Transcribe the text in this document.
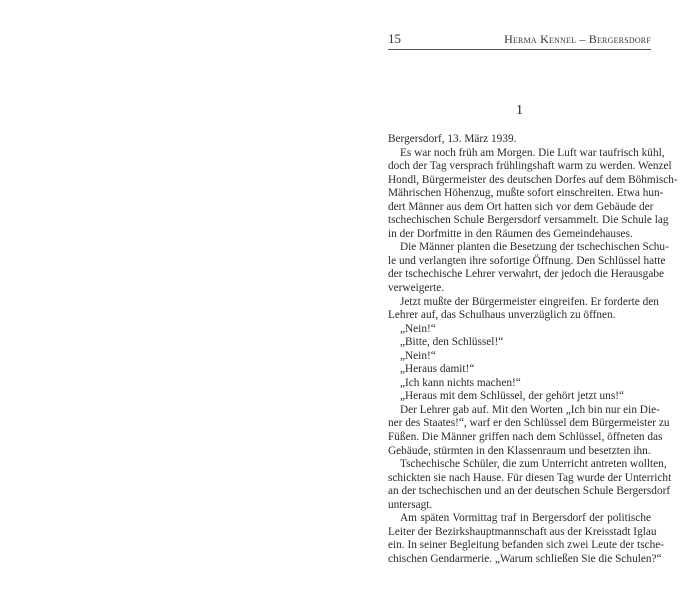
15	Herma Kennel – Bergersdorf
1
Bergersdorf, 13. März 1939.
Es war noch früh am Morgen. Die Luft war taufrisch kühl,
doch der Tag versprach frühlingshaft warm zu werden. Wenzel
Hondl, Bürgermeister des deutschen Dorfes auf dem Böhmisch-
Mährischen Höhenzug, mußte sofort einschreiten. Etwa hun-
dert Männer aus dem Ort hatten sich vor dem Gebäude der
tschechischen Schule Bergersdorf versammelt. Die Schule lag
in der Dorfmitte in den Räumen des Gemeindehauses.
Die Männer planten die Besetzung der tschechischen Schu-
le und verlangten ihre sofortige Öffnung. Den Schlüssel hatte
der tschechische Lehrer verwahrt, der jedoch die Herausgabe
verweigerte.
Jetzt mußte der Bürgermeister eingreifen. Er forderte den
Lehrer auf, das Schulhaus unverzüglich zu öffnen.
„Nein!“
„Bitte, den Schlüssel!“
„Nein!“
„Heraus damit!“
„Ich kann nichts machen!“
„Heraus mit dem Schlüssel, der gehört jetzt uns!“
Der Lehrer gab auf. Mit den Worten „Ich bin nur ein Die-
ner des Staates!“, warf er den Schlüssel dem Bürgermeister zu
Füßen. Die Männer griffen nach dem Schlüssel, öffneten das
Gebäude, stürmten in den Klassenraum und besetzten ihn.
Tschechische Schüler, die zum Unterricht antreten wollten,
schickten sie nach Hause. Für diesen Tag wurde der Unterricht
an der tschechischen und an der deutschen Schule Bergersdorf
untersagt.
Am späten Vormittag traf in Bergersdorf der politische
Leiter der Bezirkshauptmannschaft aus der Kreisstadt Iglau
ein. In seiner Begleitung befanden sich zwei Leute der tsche-
chischen Gendarmerie. „Warum schließen Sie die Schulen?“
